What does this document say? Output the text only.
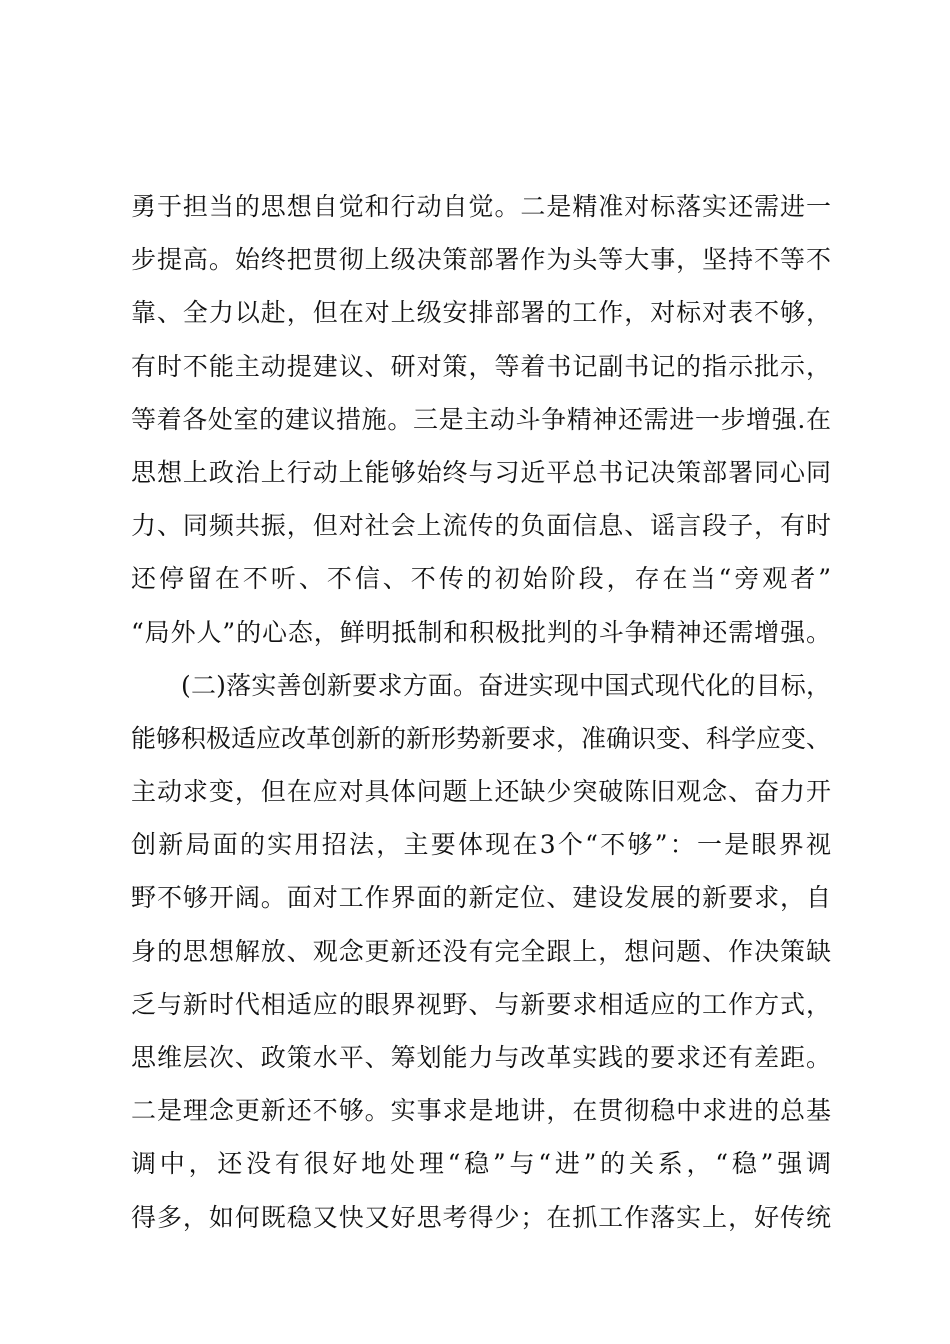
勇于担当的思想自觉和行动自觉。二是精准对标落实还需进一
步提高。始终把贯彻上级决策部署作为头等大事，坚持不等不
靠、全力以赴，但在对上级安排部署的工作，对标对表不够，
有时不能主动提建议、研对策，等着书记副书记的指示批示，
等着各处室的建议措施。三是主动斗争精神还需进一步增强.在
思想上政治上行动上能够始终与习近平总书记决策部署同心同
力、同频共振，但对社会上流传的负面信息、谣言段子，有时
还停留在不听、不信、不传的初始阶段，存在当“旁观者”
“局外人”的心态，鲜明抵制和积极批判的斗争精神还需增强。
(二)落实善创新要求方面。奋进实现中国式现代化的目标，
能够积极适应改革创新的新形势新要求，准确识变、科学应变、
主动求变，但在应对具体问题上还缺少突破陈旧观念、奋力开
创新局面的实用招法，主要体现在3个“不够”：一是眼界视
野不够开阔。面对工作界面的新定位、建设发展的新要求，自
身的思想解放、观念更新还没有完全跟上，想问题、作决策缺
乏与新时代相适应的眼界视野、与新要求相适应的工作方式，
思维层次、政策水平、筹划能力与改革实践的要求还有差距。
二是理念更新还不够。实事求是地讲，在贯彻稳中求进的总基
调中，还没有很好地处理“稳”与“进”的关系，“稳”强调
得多，如何既稳又快又好思考得少；在抓工作落实上，好传统
